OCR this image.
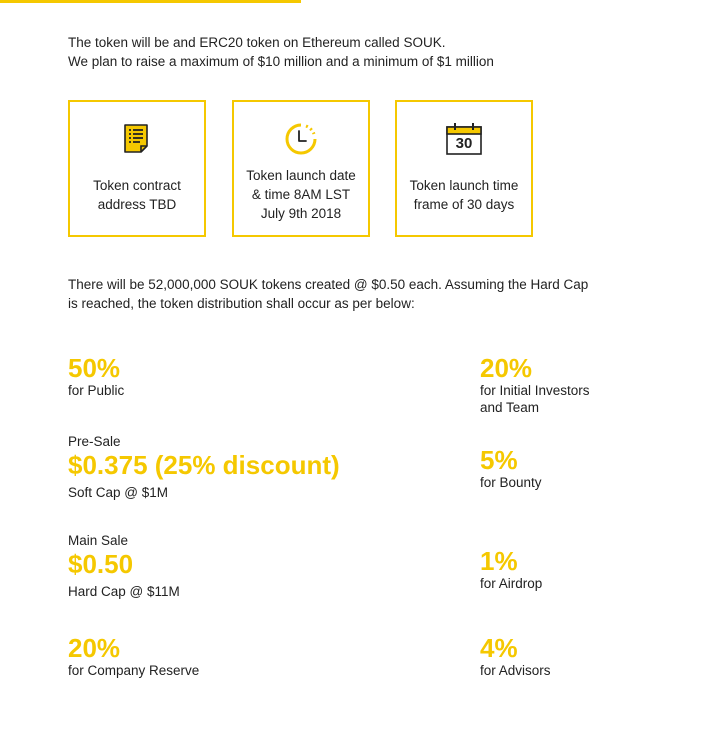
The token will be and ERC20 token on Ethereum called SOUK.
We plan to raise a maximum of $10 million and a minimum of $1 million
Token contract
address TBD
Token launch date
& time 8AM LST
July 9th 2018
30
Token launch time
frame of 30 days
There will be 52,000,000 SOUK tokens created @ $0.50 each. Assuming the Hard Cap
is reached, the token distribution shall occur as per below:
50%
for Public
Pre-Sale
$0.375 (25% discount)
Soft Cap @ $1M
Main Sale
$0.50
Hard Cap @ $11M
20%
for Company Reserve
20%
for Initial Investors
and Team
5%
for Bounty
1%
for Airdrop
4%
for Advisors
